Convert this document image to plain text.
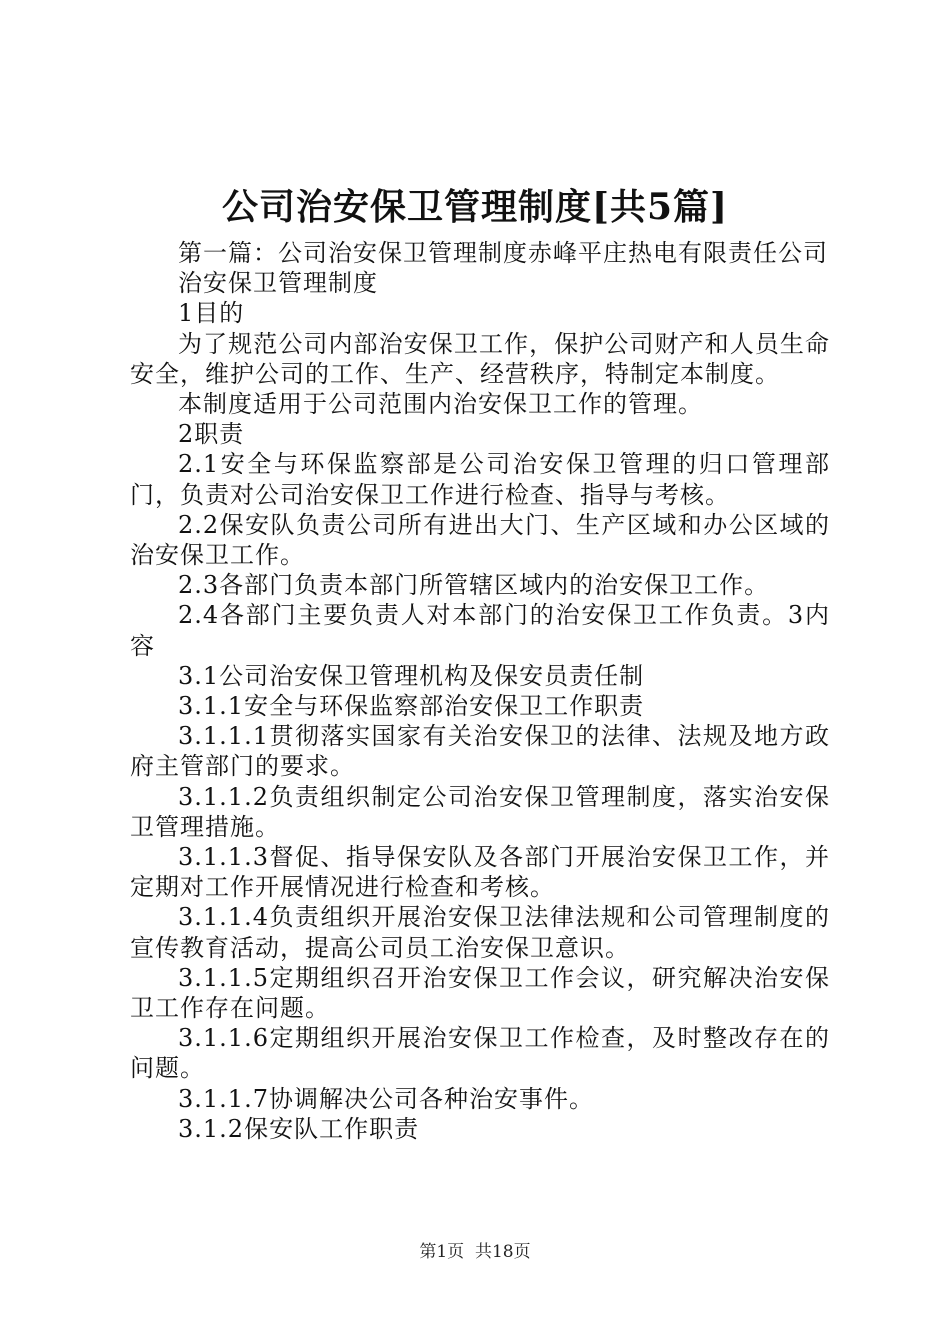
公司治安保卫管理制度[共5篇]

第一篇：公司治安保卫管理制度赤峰平庄热电有限责任公司

治安保卫管理制度

1目的

为了规范公司内部治安保卫工作，保护公司财产和人员生命安全，维护公司的工作、生产、经营秩序，特制定本制度。

本制度适用于公司范围内治安保卫工作的管理。

2职责

2.1安全与环保监察部是公司治安保卫管理的归口管理部门，负责对公司治安保卫工作进行检查、指导与考核。

2.2保安队负责公司所有进出大门、生产区域和办公区域的治安保卫工作。

2.3各部门负责本部门所管辖区域内的治安保卫工作。

2.4各部门主要负责人对本部门的治安保卫工作负责。3内容

3.1公司治安保卫管理机构及保安员责任制

3.1.1安全与环保监察部治安保卫工作职责

3.1.1.1贯彻落实国家有关治安保卫的法律、法规及地方政府主管部门的要求。

3.1.1.2负责组织制定公司治安保卫管理制度，落实治安保卫管理措施。

3.1.1.3督促、指导保安队及各部门开展治安保卫工作，并定期对工作开展情况进行检查和考核。

3.1.1.4负责组织开展治安保卫法律法规和公司管理制度的宣传教育活动，提高公司员工治安保卫意识。

3.1.1.5定期组织召开治安保卫工作会议，研究解决治安保卫工作存在问题。

3.1.1.6定期组织开展治安保卫工作检查，及时整改存在的问题。

3.1.1.7协调解决公司各种治安事件。

3.1.2保安队工作职责

第1页  共18页
